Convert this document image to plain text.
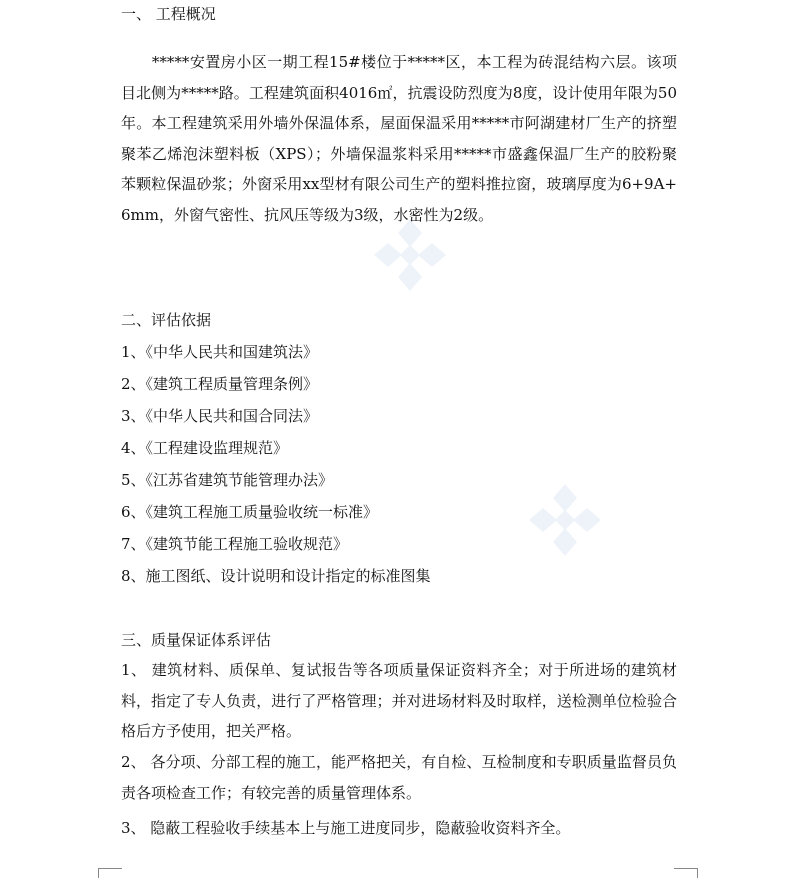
一、 工程概况
　　*****安置房小区一期工程15#楼位于*****区，本工程为砖混结构六层。该项目北侧为*****路。工程建筑面积4016㎡，抗震设防烈度为8度，设计使用年限为50年。本工程建筑采用外墙外保温体系，屋面保温采用*****市阿湖建材厂生产的挤塑聚苯乙烯泡沫塑料板（XPS）；外墙保温浆料采用*****市盛鑫保温厂生产的胶粉聚苯颗粒保温砂浆；外窗采用xx型材有限公司生产的塑料推拉窗，玻璃厚度为6+9A+6mm，外窗气密性、抗风压等级为3级，水密性为2级。
二、评估依据
1、《中华人民共和国建筑法》
2、《建筑工程质量管理条例》
3、《中华人民共和国合同法》
4、《工程建设监理规范》
5、《江苏省建筑节能管理办法》
6、《建筑工程施工质量验收统一标准》
7、《建筑节能工程施工验收规范》
8、施工图纸、设计说明和设计指定的标准图集
三、质量保证体系评估
1、 建筑材料、质保单、复试报告等各项质量保证资料齐全；对于所进场的建筑材料，指定了专人负责，进行了严格管理；并对进场材料及时取样，送检测单位检验合格后方予使用，把关严格。
2、 各分项、分部工程的施工，能严格把关，有自检、互检制度和专职质量监督员负责各项检查工作；有较完善的质量管理体系。
3、 隐蔽工程验收手续基本上与施工进度同步，隐蔽验收资料齐全。
